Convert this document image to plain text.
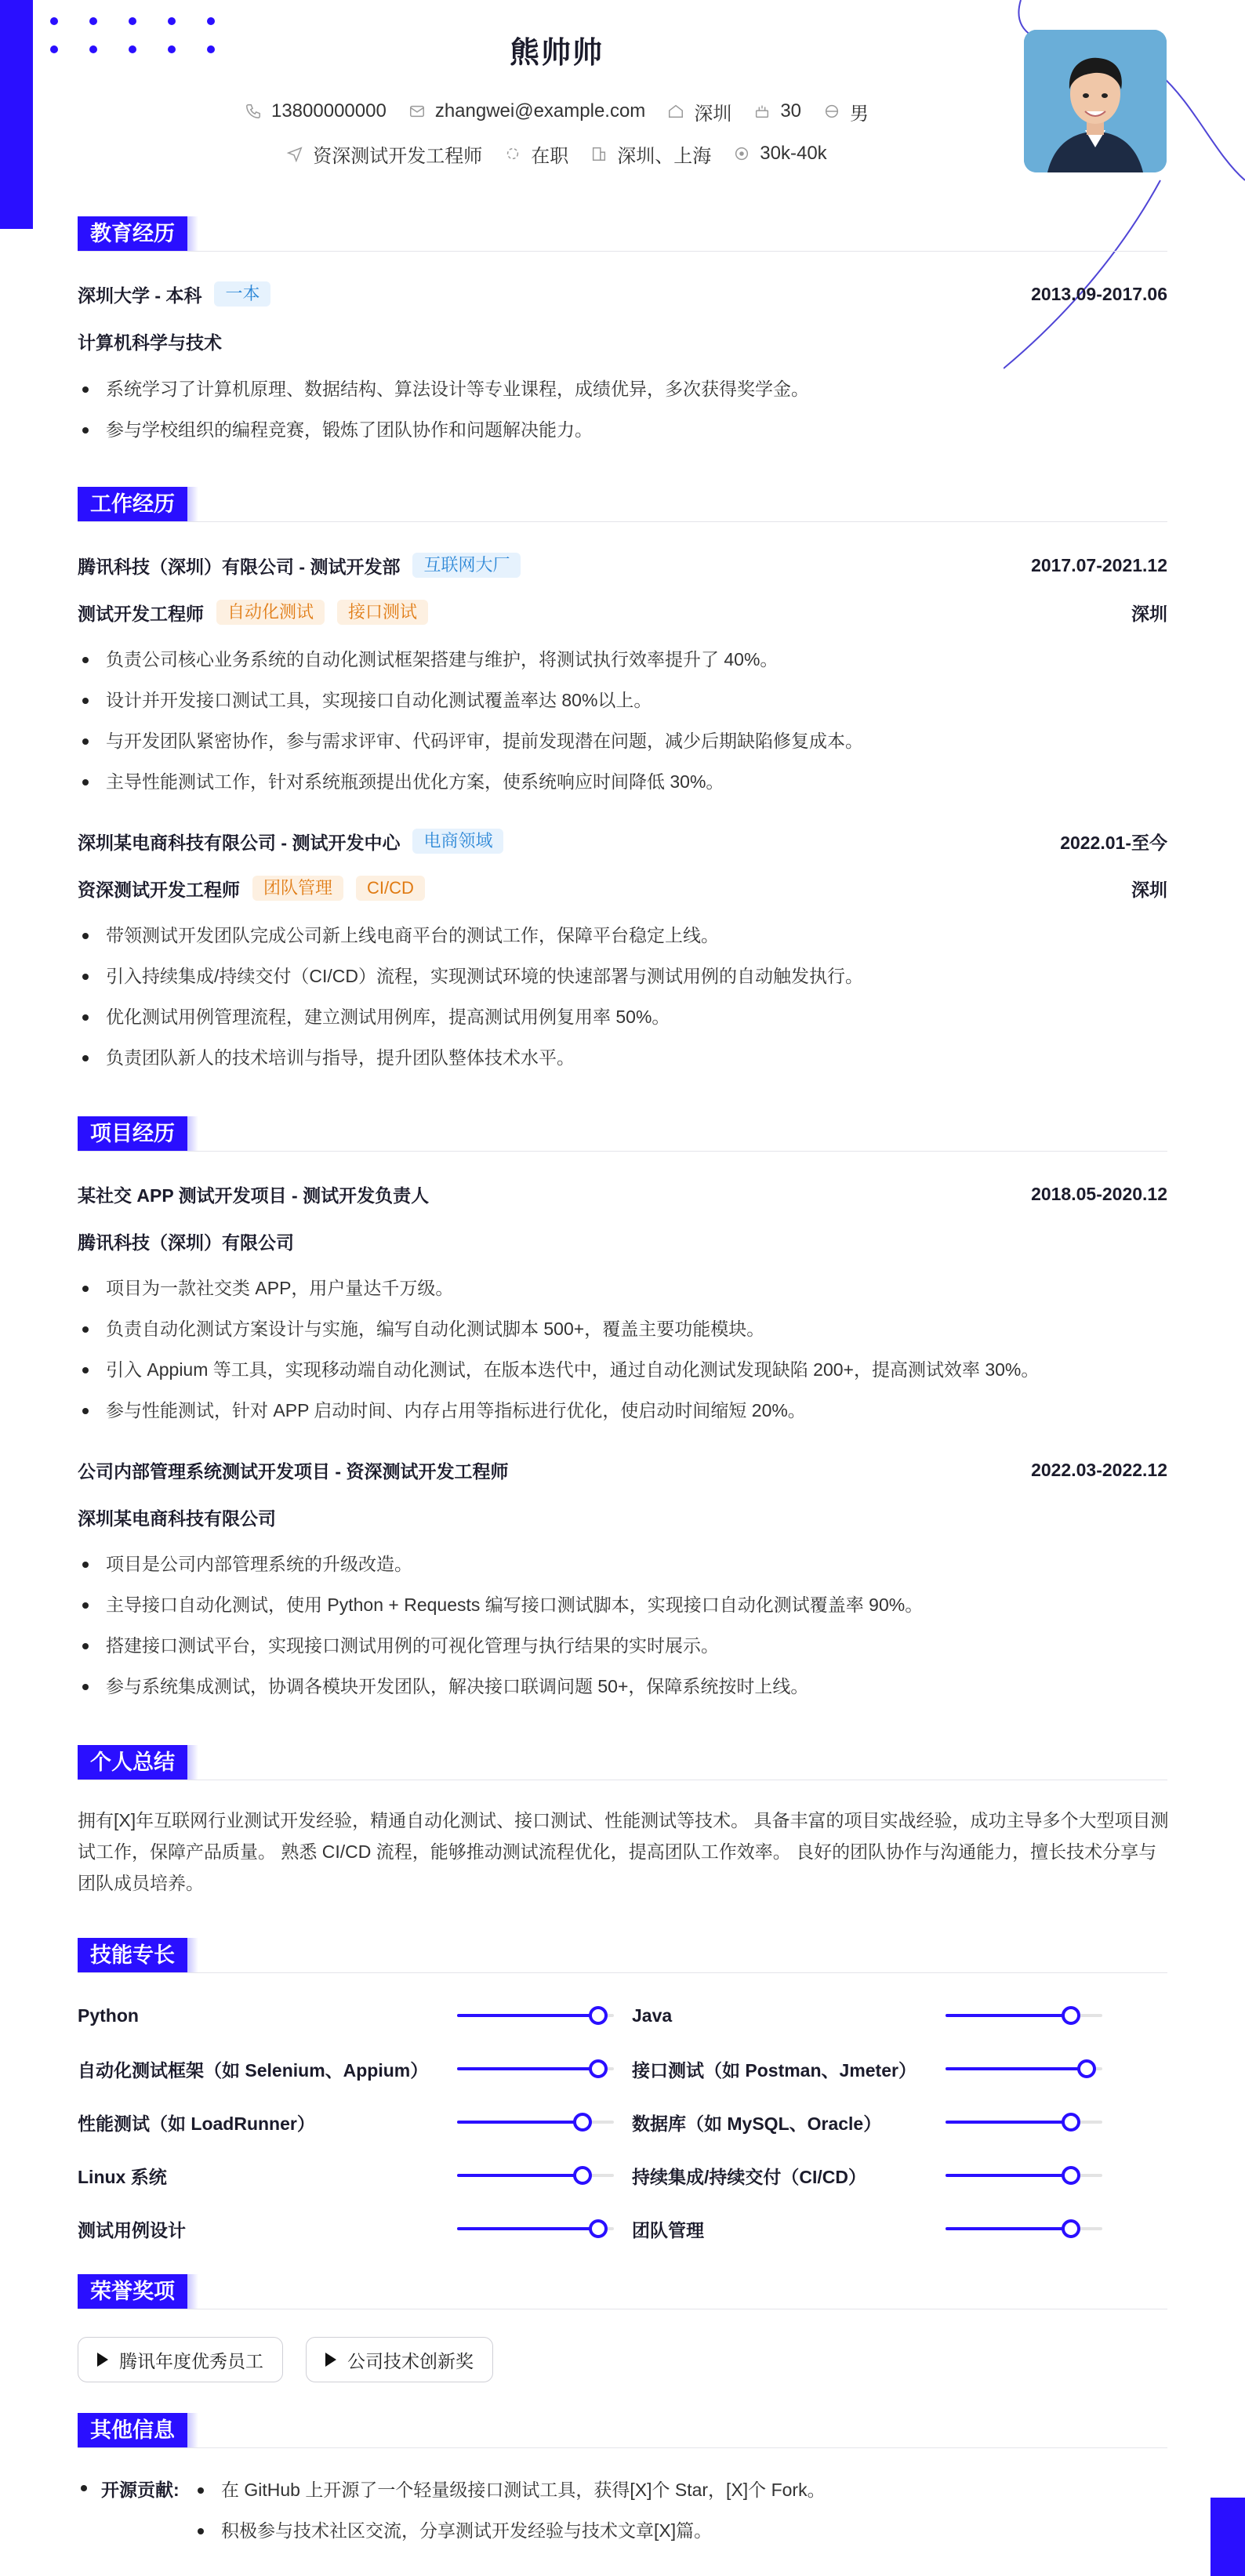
熊帅帅
13800000000	zhangwei@example.com	深圳	30	男
资深测试开发工程师	在职	深圳、上海	30k-40k
教育经历
深圳大学 - 本科	一本	2013.09-2017.06
计算机科学与技术
系统学习了计算机原理、数据结构、算法设计等专业课程，成绩优异，多次获得奖学金。
参与学校组织的编程竞赛，锻炼了团队协作和问题解决能力。
工作经历
腾讯科技（深圳）有限公司 - 测试开发部	互联网大厂	2017.07-2021.12
测试开发工程师	自动化测试	接口测试	深圳
负责公司核心业务系统的自动化测试框架搭建与维护，将测试执行效率提升了 40%。
设计并开发接口测试工具，实现接口自动化测试覆盖率达 80%以上。
与开发团队紧密协作，参与需求评审、代码评审，提前发现潜在问题，减少后期缺陷修复成本。
主导性能测试工作，针对系统瓶颈提出优化方案，使系统响应时间降低 30%。
深圳某电商科技有限公司 - 测试开发中心	电商领域	2022.01-至今
资深测试开发工程师	团队管理	CI/CD	深圳
带领测试开发团队完成公司新上线电商平台的测试工作，保障平台稳定上线。
引入持续集成/持续交付（CI/CD）流程，实现测试环境的快速部署与测试用例的自动触发执行。
优化测试用例管理流程，建立测试用例库，提高测试用例复用率 50%。
负责团队新人的技术培训与指导，提升团队整体技术水平。
项目经历
某社交 APP 测试开发项目 - 测试开发负责人	2018.05-2020.12
腾讯科技（深圳）有限公司
项目为一款社交类 APP，用户量达千万级。
负责自动化测试方案设计与实施，编写自动化测试脚本 500+，覆盖主要功能模块。
引入 Appium 等工具，实现移动端自动化测试，在版本迭代中，通过自动化测试发现缺陷 200+，提高测试效率 30%。
参与性能测试，针对 APP 启动时间、内存占用等指标进行优化，使启动时间缩短 20%。
公司内部管理系统测试开发项目 - 资深测试开发工程师	2022.03-2022.12
深圳某电商科技有限公司
项目是公司内部管理系统的升级改造。
主导接口自动化测试，使用 Python + Requests 编写接口测试脚本，实现接口自动化测试覆盖率 90%。
搭建接口测试平台，实现接口测试用例的可视化管理与执行结果的实时展示。
参与系统集成测试，协调各模块开发团队，解决接口联调问题 50+，保障系统按时上线。
个人总结
拥有[X]年互联网行业测试开发经验，精通自动化测试、接口测试、性能测试等技术。 具备丰富的项目实战经验，成功主导多个大型项目测试工作，保障产品质量。 熟悉 CI/CD 流程，能够推动测试流程优化，提高团队工作效率。 良好的团队协作与沟通能力，擅长技术分享与团队成员培养。
技能专长
Python	Java
自动化测试框架（如 Selenium、Appium）	接口测试（如 Postman、Jmeter）
性能测试（如 LoadRunner）	数据库（如 MySQL、Oracle）
Linux 系统	持续集成/持续交付（CI/CD）
测试用例设计	团队管理
荣誉奖项
腾讯年度优秀员工	公司技术创新奖
其他信息
开源贡献:	在 GitHub 上开源了一个轻量级接口测试工具，获得[X]个 Star，[X]个 Fork。
积极参与技术社区交流，分享测试开发经验与技术文章[X]篇。
